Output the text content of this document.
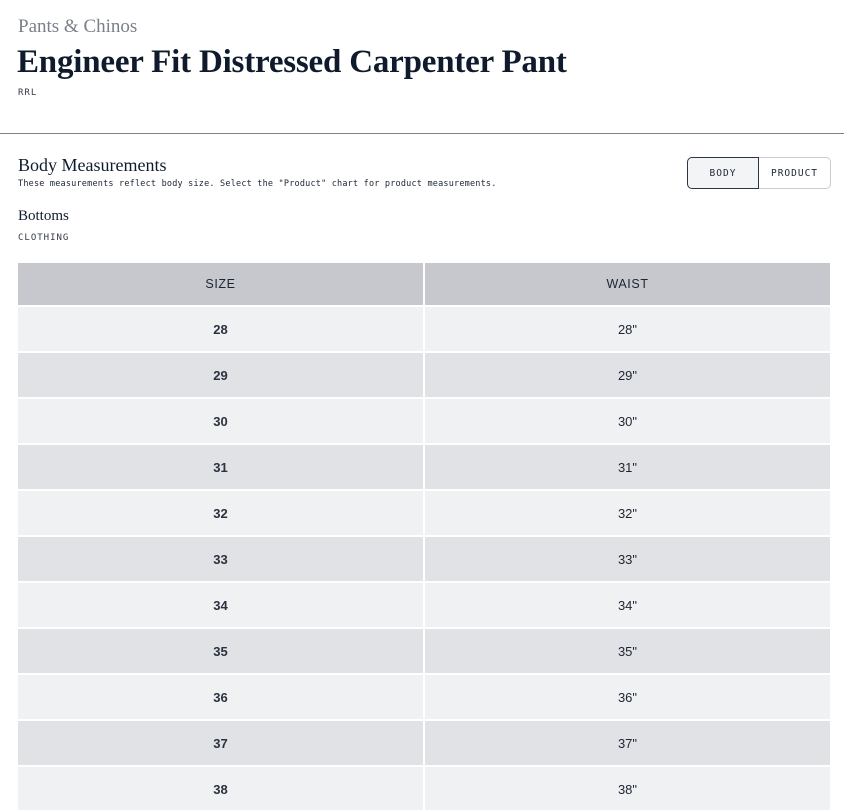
Pants & Chinos
Engineer Fit Distressed Carpenter Pant
RRL
Body Measurements
These measurements reflect body size. Select the "Product" chart for product measurements.
BODY	PRODUCT
Bottoms
CLOTHING
SIZE	WAIST
28	28"
29	29"
30	30"
31	31"
32	32"
33	33"
34	34"
35	35"
36	36"
37	37"
38	38"
